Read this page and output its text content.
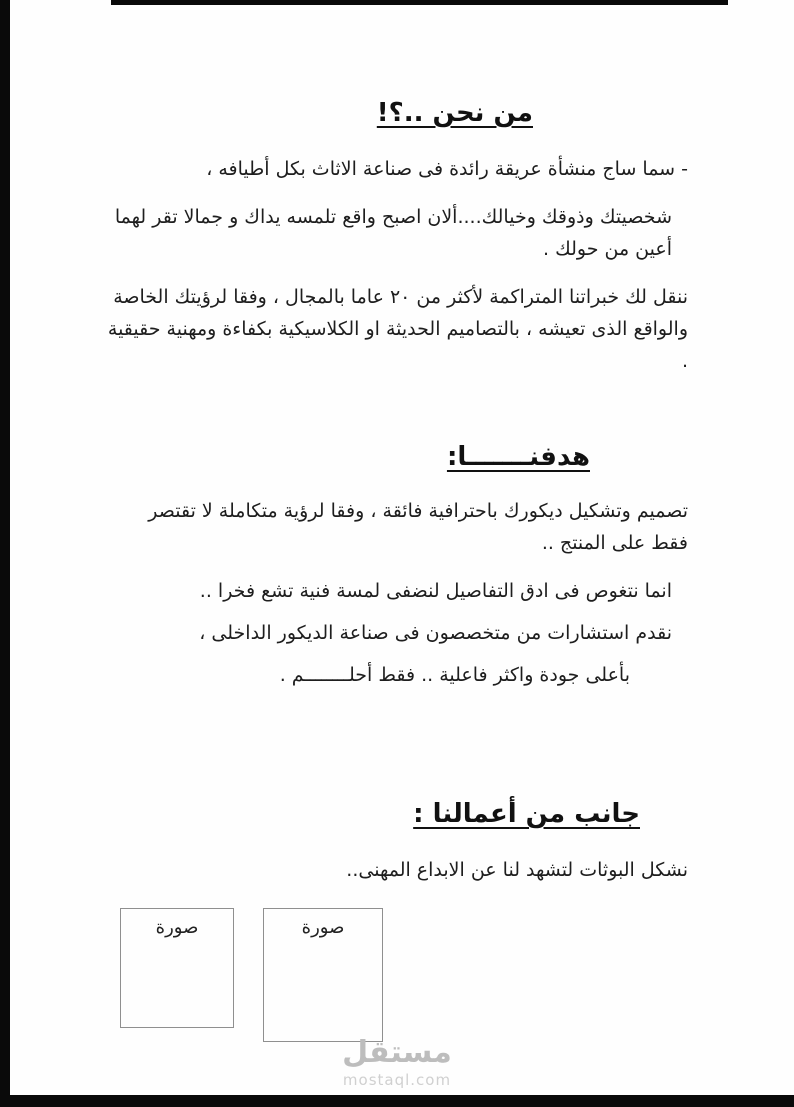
من نحن ..؟!

- سما ساج منشأة عريقة رائدة فى صناعة الاثاث بكل أطيافه ،

شخصيتك وذوقك وخيالك....ألان اصبح واقع تلمسه يداك و جمالا تقر لهما أعين من حولك .

ننقل لك خبراتنا المتراكمة لأكثر من ٢٠ عاما بالمجال ، وفقا لرؤيتك الخاصة والواقع الذى تعيشه ، بالتصاميم الحديثة او الكلاسيكية بكفاءة ومهنية حقيقية .

هدفنـــــــا:

تصميم وتشكيل ديكورك باحترافية فائقة ، وفقا لرؤية متكاملة لا تقتصر فقط على المنتج ..

انما نتغوص فى ادق التفاصيل لنضفى لمسة فنية تشع فخرا ..

نقدم استشارات من متخصصون فى صناعة الديكور الداخلى ،

بأعلى جودة واكثر فاعلية .. فقط أحلــــــــم .

جانب من أعمالنا :

نشكل البوثات لتشهد لنا عن الابداع المهنى..

صورة	صورة
مستقل
mostaql.com
